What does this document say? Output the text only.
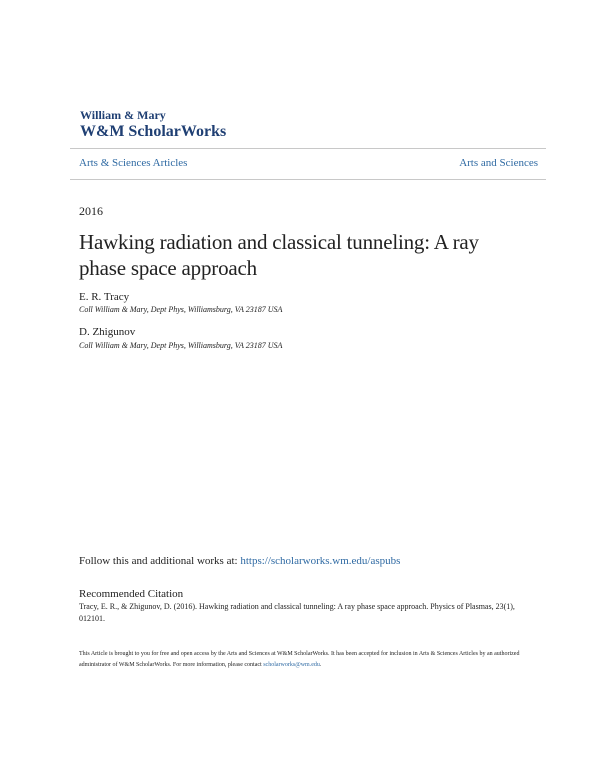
William & Mary
W&M ScholarWorks
Arts & Sciences Articles	Arts and Sciences
2016
Hawking radiation and classical tunneling: A ray phase space approach
E. R. Tracy
Coll William & Mary, Dept Phys, Williamsburg, VA 23187 USA
D. Zhigunov
Coll William & Mary, Dept Phys, Williamsburg, VA 23187 USA
Follow this and additional works at: https://scholarworks.wm.edu/aspubs
Recommended Citation
Tracy, E. R., & Zhigunov, D. (2016). Hawking radiation and classical tunneling: A ray phase space approach. Physics of Plasmas, 23(1), 012101.
This Article is brought to you for free and open access by the Arts and Sciences at W&M ScholarWorks. It has been accepted for inclusion in Arts & Sciences Articles by an authorized administrator of W&M ScholarWorks. For more information, please contact scholarworks@wm.edu.
